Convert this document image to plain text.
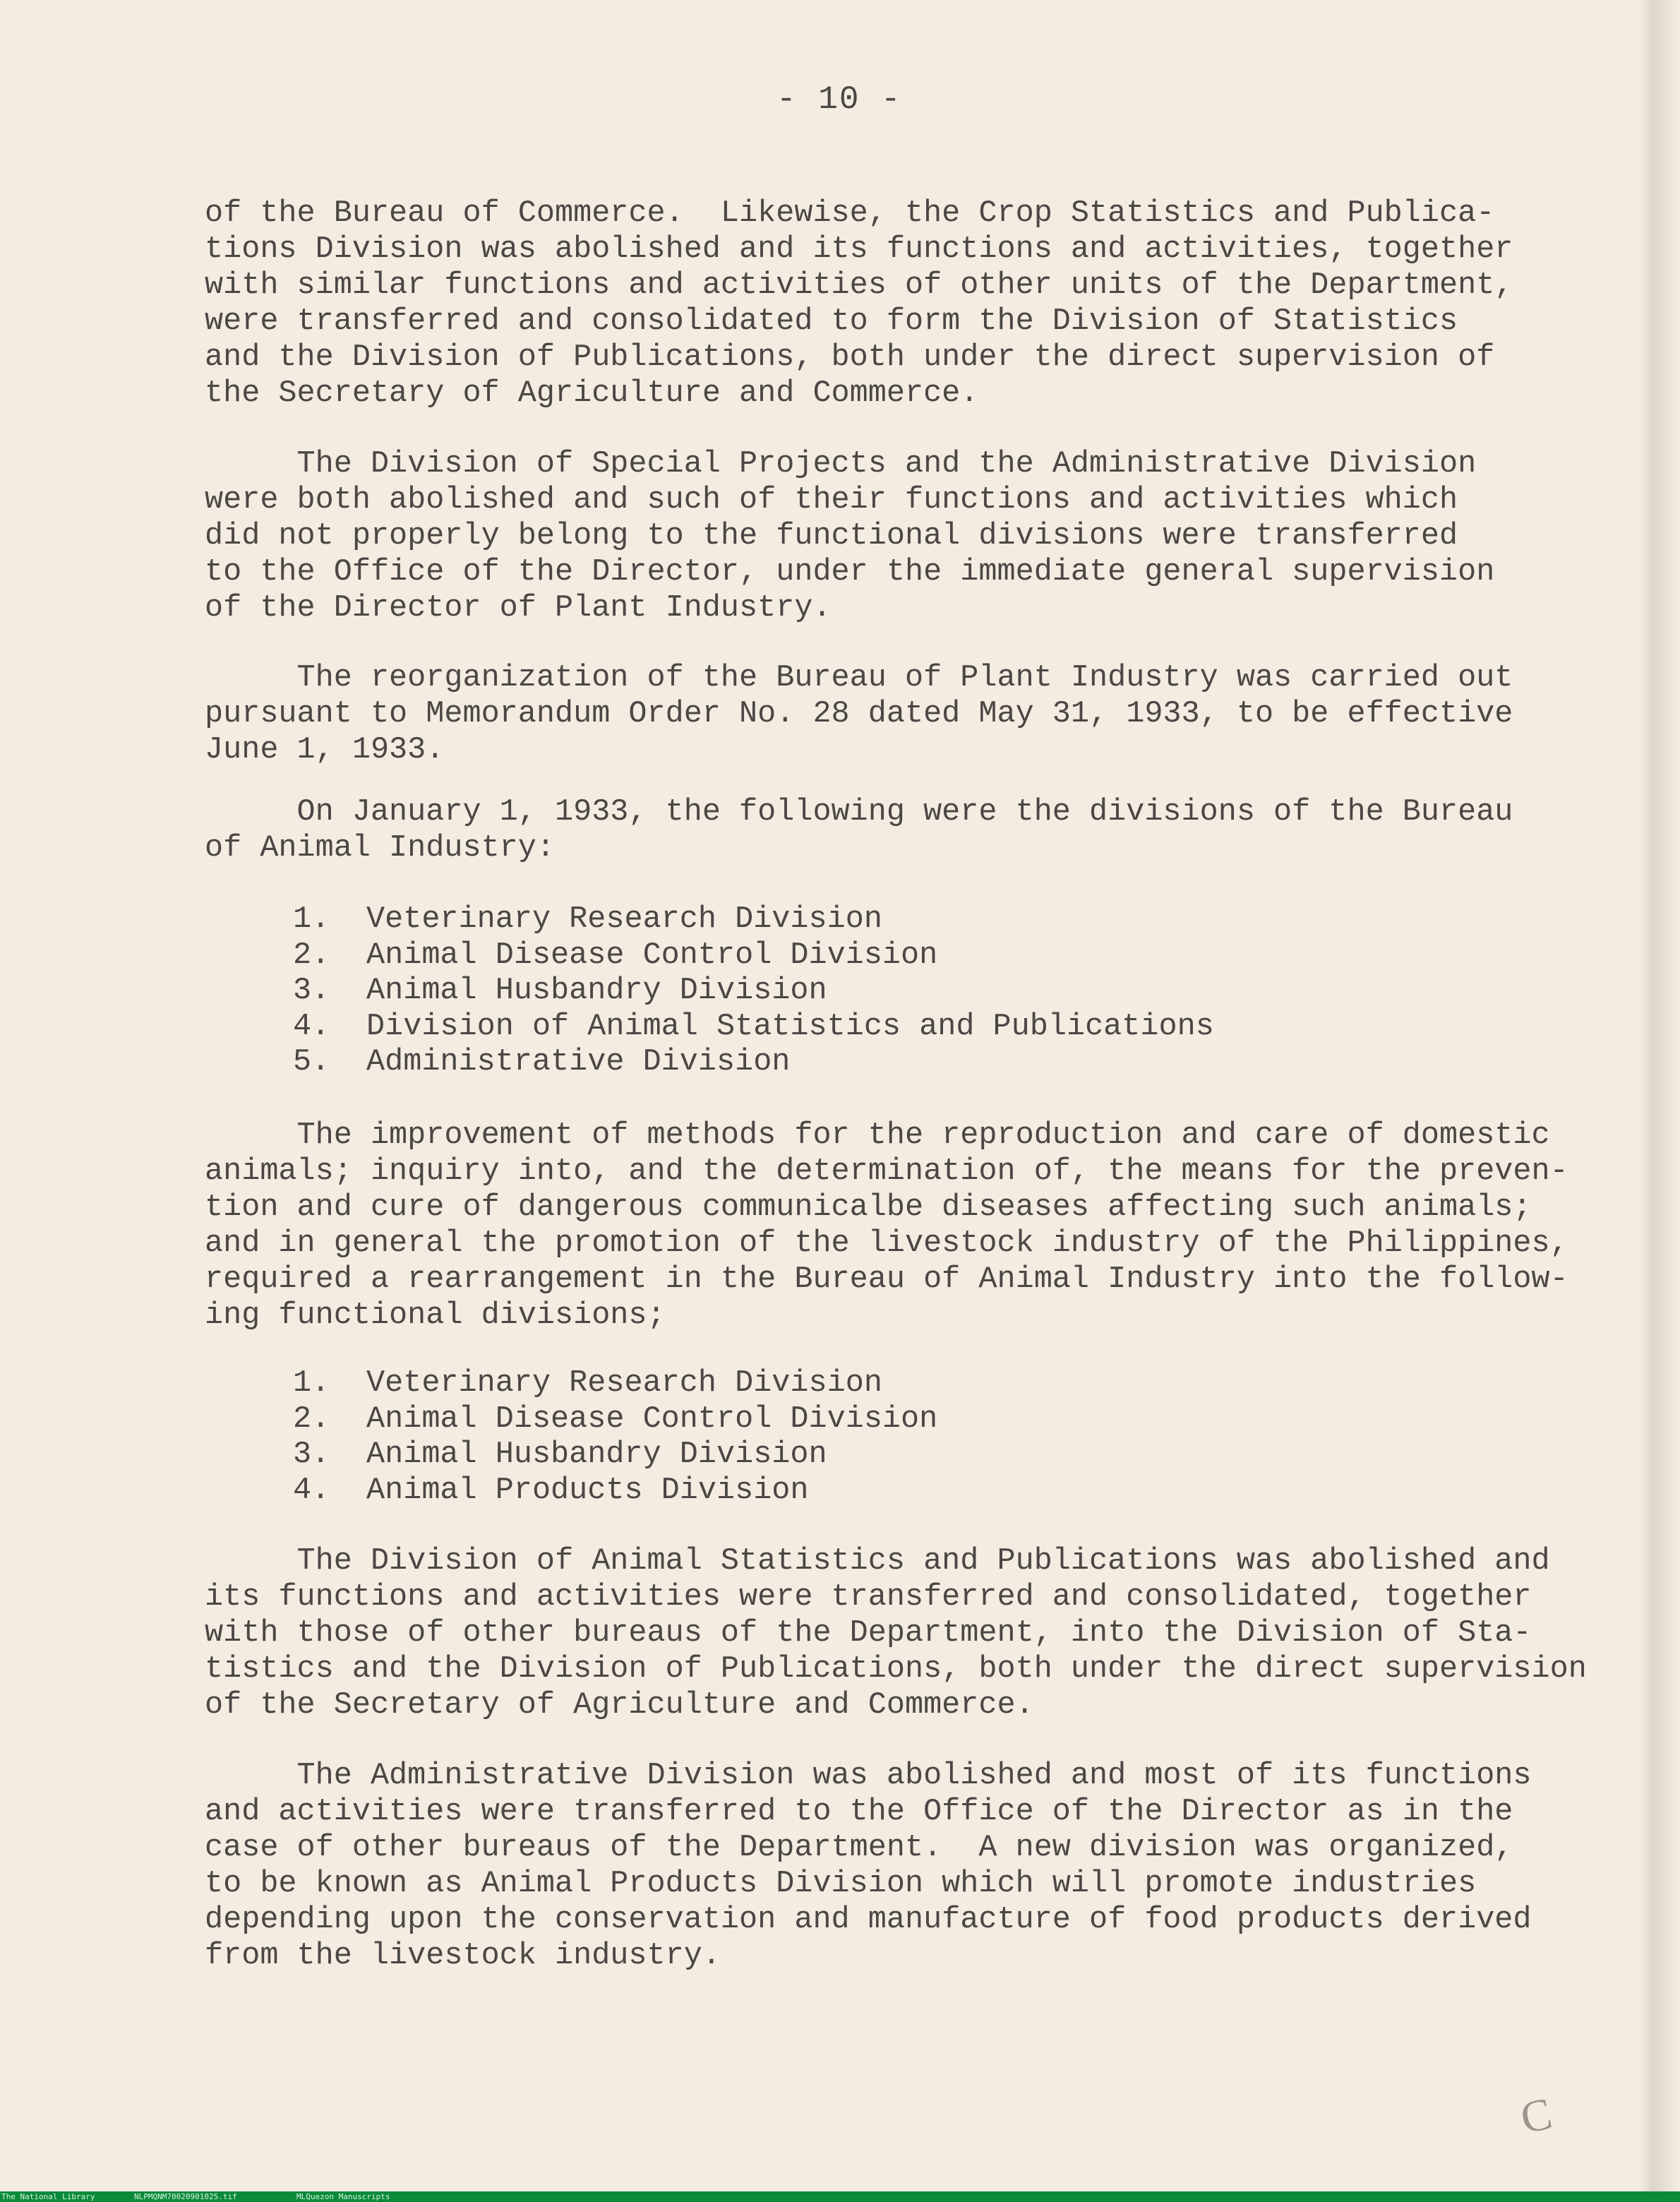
- 10 -

of the Bureau of Commerce.  Likewise, the Crop Statistics and Publica-
tions Division was abolished and its functions and activities, together
with similar functions and activities of other units of the Department,
were transferred and consolidated to form the Division of Statistics
and the Division of Publications, both under the direct supervision of
the Secretary of Agriculture and Commerce.

The Division of Special Projects and the Administrative Division
were both abolished and such of their functions and activities which
did not properly belong to the functional divisions were transferred
to the Office of the Director, under the immediate general supervision
of the Director of Plant Industry.

The reorganization of the Bureau of Plant Industry was carried out
pursuant to Memorandum Order No. 28 dated May 31, 1933, to be effective
June 1, 1933.

On January 1, 1933, the following were the divisions of the Bureau
of Animal Industry:

1.	Veterinary Research Division
2.	Animal Disease Control Division
3.	Animal Husbandry Division
4.	Division of Animal Statistics and Publications
5.	Administrative Division

The improvement of methods for the reproduction and care of domestic
animals; inquiry into, and the determination of, the means for the preven-
tion and cure of dangerous communicalbe diseases affecting such animals;
and in general the promotion of the livestock industry of the Philippines,
required a rearrangement in the Bureau of Animal Industry into the follow-
ing functional divisions;

1.	Veterinary Research Division
2.	Animal Disease Control Division
3.	Animal Husbandry Division
4.	Animal Products Division

The Division of Animal Statistics and Publications was abolished and
its functions and activities were transferred and consolidated, together
with those of other bureaus of the Department, into the Division of Sta-
tistics and the Division of Publications, both under the direct supervision
of the Secretary of Agriculture and Commerce.

The Administrative Division was abolished and most of its functions
and activities were transferred to the Office of the Director as in the
case of other bureaus of the Department.  A new division was organized,
to be known as Animal Products Division which will promote industries
depending upon the conservation and manufacture of food products derived
from the livestock industry.

C

The National Library

	NLPMQNM70020901025.tif

	MLQuezon Manuscripts
